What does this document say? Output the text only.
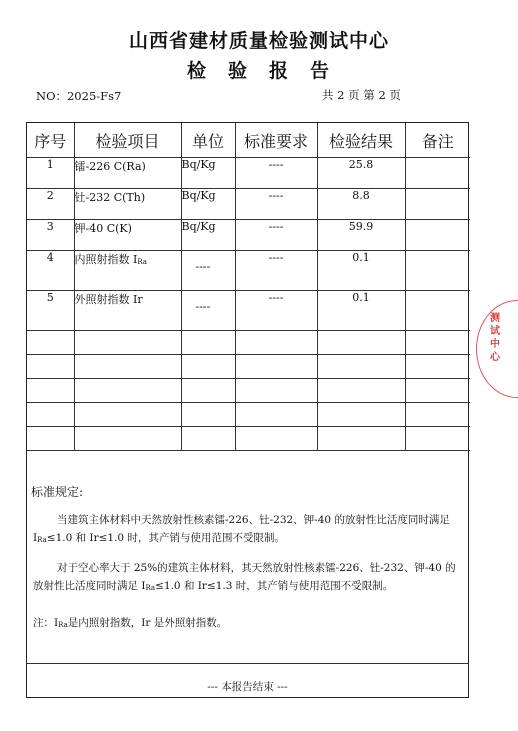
山西省建材质量检验测试中心
检 验 报 告
NO：2025-Fs7	共 2 页 第 2 页
序号	检验项目	单位	标准要求	检验结果	备注
1	镭-226 C(Ra)	Bq/Kg	----	25.8	
2	钍-232 C(Th)	Bq/Kg	----	8.8	
3	钾-40 C(K)	Bq/Kg	----	59.9	
4	内照射指数 IRa	----	----	0.1	
5	外照射指数 Ir	----	----	0.1	

标准规定:
当建筑主体材料中天然放射性核素镭-226、钍-232、钾-40 的放射性比活度同时满足 IRa≤1.0 和 Ir≤1.0 时，其产销与使用范围不受限制。
对于空心率大于 25%的建筑主体材料，其天然放射性核素镭-226、钍-232、钾-40 的放射性比活度同时满足 IRa≤1.0 和 Ir≤1.3 时，其产销与使用范围不受限制。
注：IRa是内照射指数，Ir 是外照射指数。
--- 本报告结束 ---
测试中心
